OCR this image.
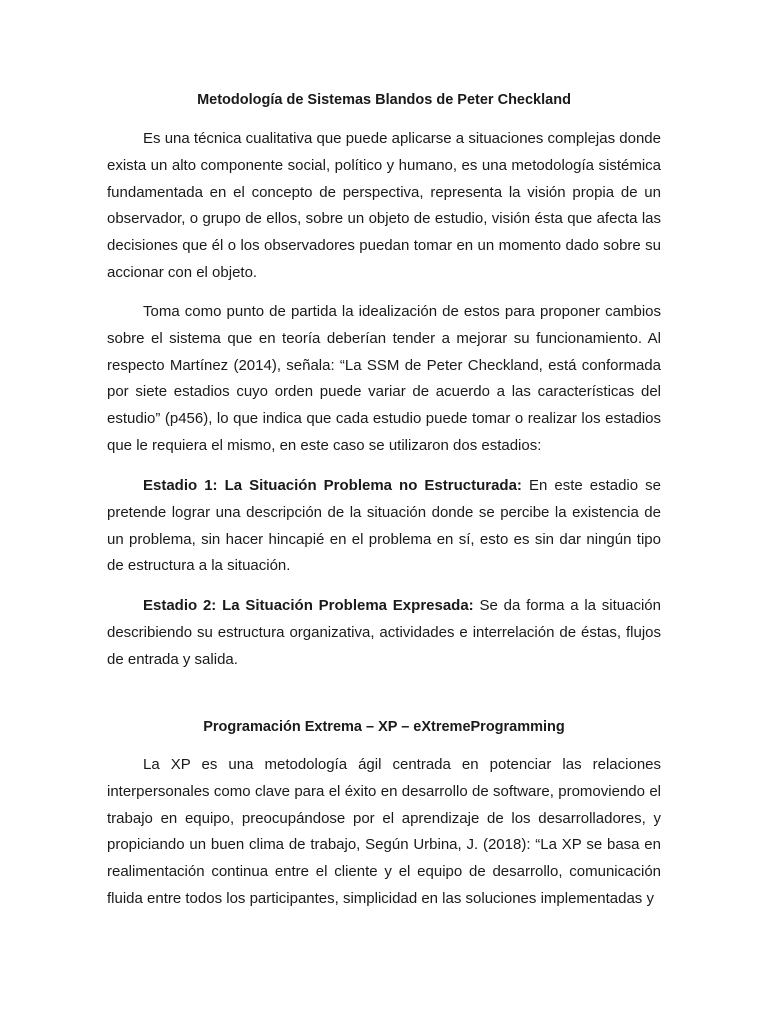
Metodología de Sistemas Blandos de Peter Checkland

Es una técnica cualitativa que puede aplicarse a situaciones complejas donde exista un alto componente social, político y humano, es una metodología sistémica fundamentada en el concepto de perspectiva, representa la visión propia de un observador, o grupo de ellos, sobre un objeto de estudio, visión ésta que afecta las decisiones que él o los observadores puedan tomar en un momento dado sobre su accionar con el objeto.

Toma como punto de partida la idealización de estos para proponer cambios sobre el sistema que en teoría deberían tender a mejorar su funcionamiento. Al respecto Martínez (2014), señala: “La SSM de Peter Checkland, está conformada por siete estadios cuyo orden puede variar de acuerdo a las características del estudio” (p456), lo que indica que cada estudio puede tomar o realizar los estadios que le requiera el mismo, en este caso se utilizaron dos estadios:

Estadio 1: La Situación Problema no Estructurada: En este estadio se pretende lograr una descripción de la situación donde se percibe la existencia de un problema, sin hacer hincapié en el problema en sí, esto es sin dar ningún tipo de estructura a la situación.

Estadio 2: La Situación Problema Expresada: Se da forma a la situación describiendo su estructura organizativa, actividades e interrelación de éstas, flujos de entrada y salida.

Programación Extrema – XP – eXtremeProgramming

La XP es una metodología ágil centrada en potenciar las relaciones interpersonales como clave para el éxito en desarrollo de software, promoviendo el trabajo en equipo, preocupándose por el aprendizaje de los desarrolladores, y propiciando un buen clima de trabajo, Según Urbina, J. (2018): “La XP se basa en realimentación continua entre el cliente y el equipo de desarrollo, comunicación fluida entre todos los participantes, simplicidad en las soluciones implementadas y
